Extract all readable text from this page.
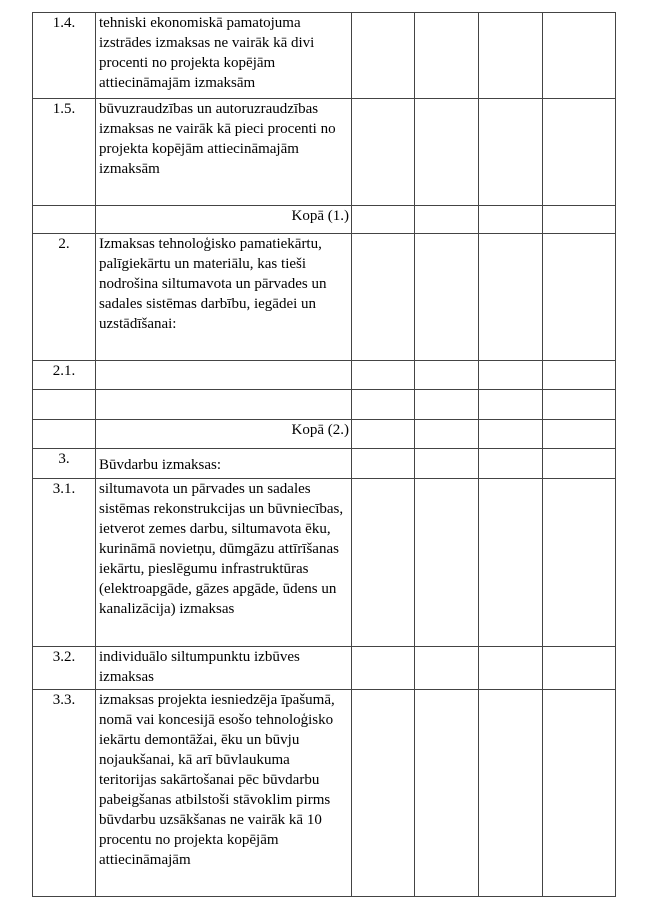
1.4.	tehniski ekonomiskā pamatojuma izstrādes izmaksas ne vairāk kā divi procenti no projekta kopējām attiecināmajām izmaksām				
1.5.	būvuzraudzības un autoruzraudzības izmaksas ne vairāk kā pieci procenti no projekta kopējām attiecināmajām izmaksām				
	Kopā (1.)				
2.	Izmaksas tehnoloģisko pamatiekārtu, palīgiekārtu un materiālu, kas tieši nodrošina siltumavota un pārvades un sadales sistēmas darbību, iegādei un uzstādīšanai:				
2.1.					

	Kopā (2.)				
3.	Būvdarbu izmaksas:				
3.1.	siltumavota un pārvades un sadales sistēmas rekonstrukcijas un būvniecības, ietverot zemes darbu, siltumavota ēku, kurināmā novietņu, dūmgāzu attīrīšanas iekārtu, pieslēgumu infrastruktūras (elektroapgāde, gāzes apgāde, ūdens un kanalizācija) izmaksas				
3.2.	individuālo siltumpunktu izbūves izmaksas				
3.3.	izmaksas projekta iesniedzēja īpašumā, nomā vai koncesijā esošo tehnoloģisko iekārtu demontāžai, ēku un būvju nojaukšanai, kā arī būvlaukuma teritorijas sakārtošanai pēc būvdarbu pabeigšanas atbilstoši stāvoklim pirms būvdarbu uzsākšanas ne vairāk kā 10 procentu no projekta kopējām attiecināmajām				
